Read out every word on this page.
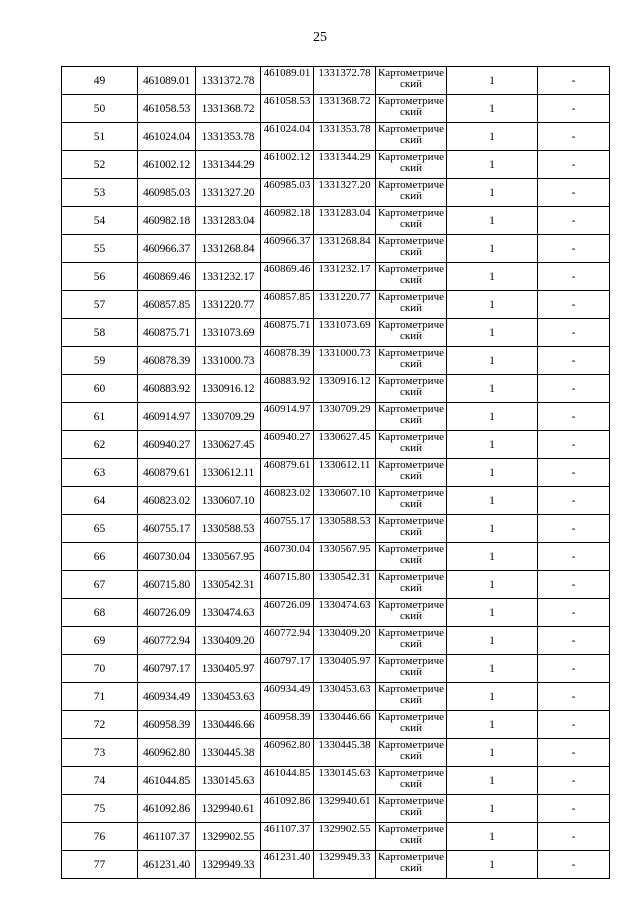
25
49	461089.01	1331372.78	461089.01	1331372.78	Картометрический	1	-
50	461058.53	1331368.72	461058.53	1331368.72	Картометрический	1	-
51	461024.04	1331353.78	461024.04	1331353.78	Картометрический	1	-
52	461002.12	1331344.29	461002.12	1331344.29	Картометрический	1	-
53	460985.03	1331327.20	460985.03	1331327.20	Картометрический	1	-
54	460982.18	1331283.04	460982.18	1331283.04	Картометрический	1	-
55	460966.37	1331268.84	460966.37	1331268.84	Картометрический	1	-
56	460869.46	1331232.17	460869.46	1331232.17	Картометрический	1	-
57	460857.85	1331220.77	460857.85	1331220.77	Картометрический	1	-
58	460875.71	1331073.69	460875.71	1331073.69	Картометрический	1	-
59	460878.39	1331000.73	460878.39	1331000.73	Картометрический	1	-
60	460883.92	1330916.12	460883.92	1330916.12	Картометрический	1	-
61	460914.97	1330709.29	460914.97	1330709.29	Картометрический	1	-
62	460940.27	1330627.45	460940.27	1330627.45	Картометрический	1	-
63	460879.61	1330612.11	460879.61	1330612.11	Картометрический	1	-
64	460823.02	1330607.10	460823.02	1330607.10	Картометрический	1	-
65	460755.17	1330588.53	460755.17	1330588.53	Картометрический	1	-
66	460730.04	1330567.95	460730.04	1330567.95	Картометрический	1	-
67	460715.80	1330542.31	460715.80	1330542.31	Картометрический	1	-
68	460726.09	1330474.63	460726.09	1330474.63	Картометрический	1	-
69	460772.94	1330409.20	460772.94	1330409.20	Картометрический	1	-
70	460797.17	1330405.97	460797.17	1330405.97	Картометрический	1	-
71	460934.49	1330453.63	460934.49	1330453.63	Картометрический	1	-
72	460958.39	1330446.66	460958.39	1330446.66	Картометрический	1	-
73	460962.80	1330445.38	460962.80	1330445.38	Картометрический	1	-
74	461044.85	1330145.63	461044.85	1330145.63	Картометрический	1	-
75	461092.86	1329940.61	461092.86	1329940.61	Картометрический	1	-
76	461107.37	1329902.55	461107.37	1329902.55	Картометрический	1	-
77	461231.40	1329949.33	461231.40	1329949.33	Картометрический	1	-
